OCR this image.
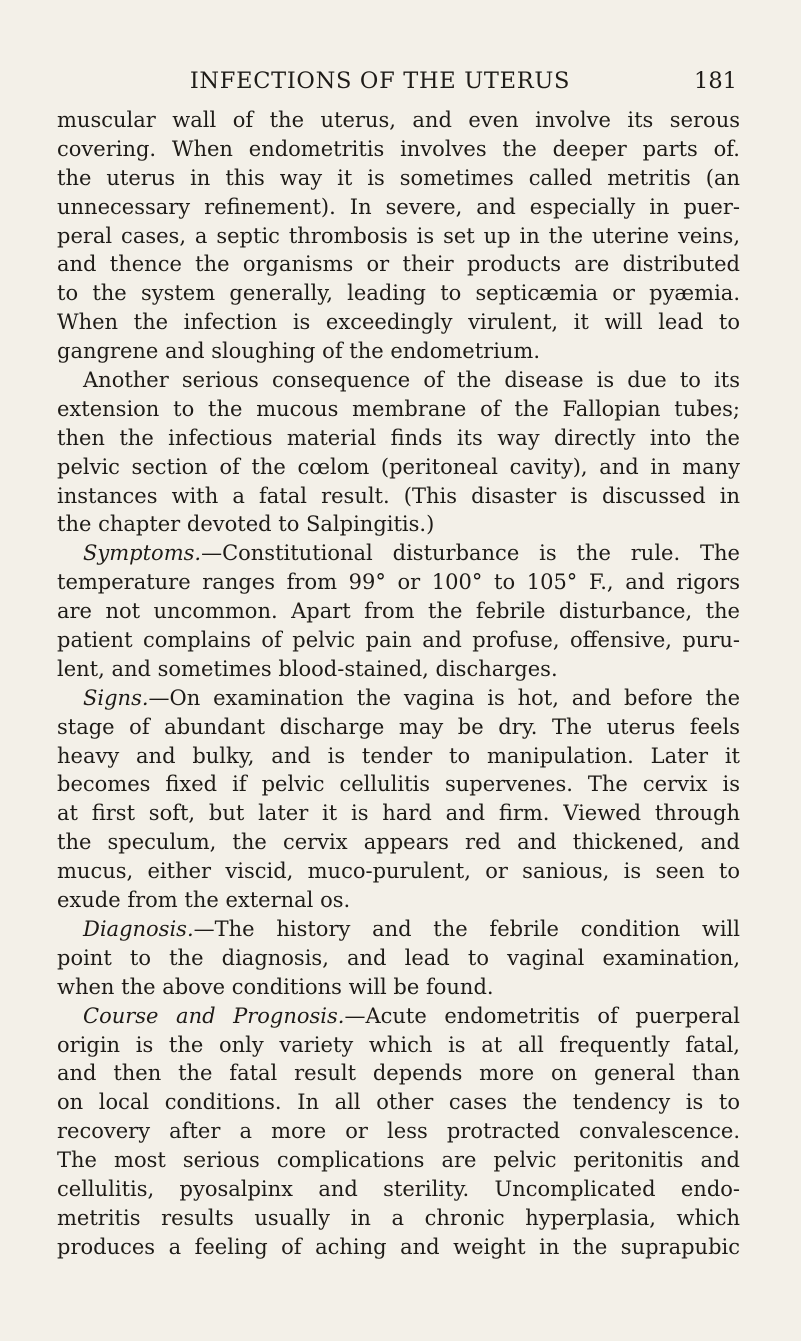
INFECTIONS OF THE UTERUS	181
muscular wall of the uterus, and even involve its serous
covering. When endometritis involves the deeper parts of.
the uterus in this way it is sometimes called metritis (an
unnecessary refinement). In severe, and especially in puer-
peral cases, a septic thrombosis is set up in the uterine veins,
and thence the organisms or their products are distributed
to the system generally, leading to septicæmia or pyæmia.
When the infection is exceedingly virulent, it will lead to
gangrene and sloughing of the endometrium.
Another serious consequence of the disease is due to its
extension to the mucous membrane of the Fallopian tubes;
then the infectious material finds its way directly into the
pelvic section of the cœlom (peritoneal cavity), and in many
instances with a fatal result. (This disaster is discussed in
the chapter devoted to Salpingitis.)
Symptoms.—Constitutional disturbance is the rule. The
temperature ranges from 99° or 100° to 105° F., and rigors
are not uncommon. Apart from the febrile disturbance, the
patient complains of pelvic pain and profuse, offensive, puru-
lent, and sometimes blood-stained, discharges.
Signs.—On examination the vagina is hot, and before the
stage of abundant discharge may be dry. The uterus feels
heavy and bulky, and is tender to manipulation. Later it
becomes fixed if pelvic cellulitis supervenes. The cervix is
at first soft, but later it is hard and firm. Viewed through
the speculum, the cervix appears red and thickened, and
mucus, either viscid, muco-purulent, or sanious, is seen to
exude from the external os.
Diagnosis.—The history and the febrile condition will
point to the diagnosis, and lead to vaginal examination,
when the above conditions will be found.
Course and Prognosis.—Acute endometritis of puerperal
origin is the only variety which is at all frequently fatal,
and then the fatal result depends more on general than
on local conditions. In all other cases the tendency is to
recovery after a more or less protracted convalescence.
The most serious complications are pelvic peritonitis and
cellulitis, pyosalpinx and sterility. Uncomplicated endo-
metritis results usually in a chronic hyperplasia, which
produces a feeling of aching and weight in the suprapubic
